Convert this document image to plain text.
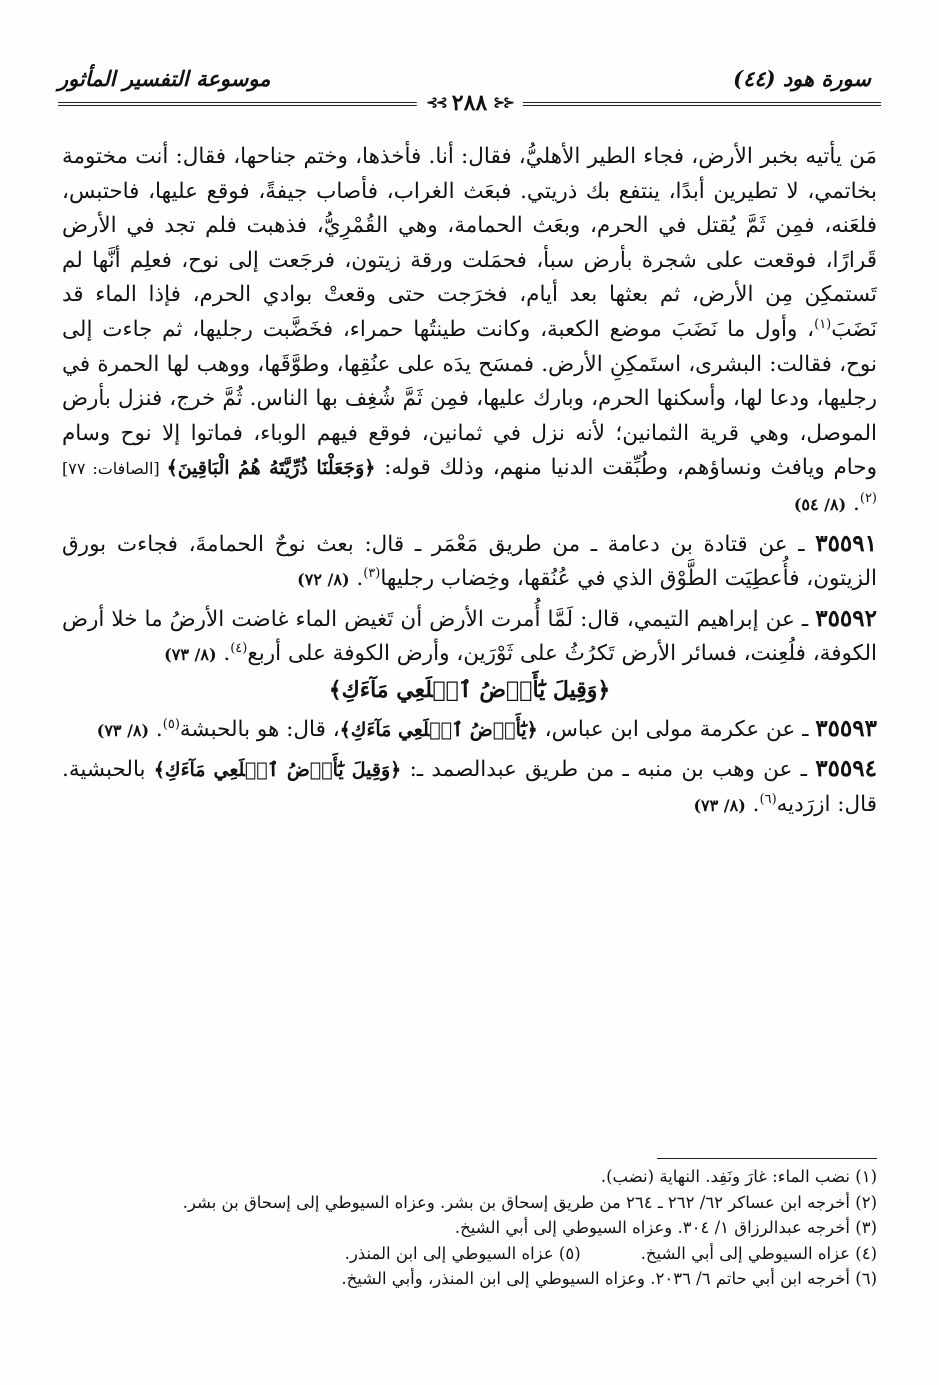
سورة هود (٤٤)
موسوعة التفسير المأثور
⊰⊰
٢٨٨
⊱⊱

مَن يأتيه بخبر الأرض، فجاء الطير الأهليُّ، فقال: أنا. فأخذها، وختم جناحها، فقال: أنت مختومة بخاتمي، لا تطيرين أبدًا، ينتفع بك ذريتي. فبعَث الغراب، فأصاب جيفةً، فوقع عليها، فاحتبس، فلعَنه، فمِن ثَمَّ يُقتل في الحرم، وبعَث الحمامة، وهي القُمْرِيُّ، فذهبت فلم تجد في الأرض قَرارًا، فوقعت على شجرة بأرض سبأ، فحمَلت ورقة زيتون، فرجَعت إلى نوح، فعلِم أنَّها لم تَستمكِن مِن الأرض، ثم بعثها بعد أيام، فخرَجت حتى وقعتْ بوادي الحرم، فإذا الماء قد نَضَبَ$^{(١)}$، وأول ما نَضَبَ موضع الكعبة، وكانت طينتُها حمراء، فخَضَّبت رجليها، ثم جاءت إلى نوح، فقالت: البشرى، استَمكِنِ الأرض. فمسَح يدَه على عنُقِها، وطوَّقَها، ووهب لها الحمرة في رجليها، ودعا لها، وأسكنها الحرم، وبارك عليها، فمِن ثَمَّ شُغِف بها الناس. ثُمَّ خرج، فنزل بأرض الموصل، وهي قرية الثمانين؛ لأنه نزل في ثمانين، فوقع فيهم الوباء، فماتوا إلا نوح وسام وحام ويافث ونساؤهم، وطُبِّقت الدنيا منهم، وذلك قوله: ﴿وَجَعَلْنَا ذُرِّيَّتَهُ هُمُ الْبَاقِينَ﴾ [الصافات: ٧٧]$^{(٢)}$. (٨/ ٥٤)

٣٥٥٩١ ـ عن قتادة بن دعامة ـ من طريق مَعْمَر ـ قال: بعث نوحٌ الحمامةَ، فجاءت بورق الزيتون، فأُعطِيَت الطَّوْق الذي في عُنُقها، وخِضاب رجليها$^{(٣)}$. (٨/ ٧٢)

٣٥٥٩٢ ـ عن إبراهيم التيمي، قال: لَمَّا أُمرت الأرض أن تَغيض الماء غاضت الأرضُ ما خلا أرض الكوفة، فلُعِنت، فسائر الأرض تَكرُثُ على ثَوْرَين، وأرض الكوفة على أربع$^{(٤)}$. (٨/ ٧٣)

﴿وَقِيلَ يَٰٓأَرۡضُ ٱبۡلَعِي مَآءَكِ﴾

٣٥٥٩٣ ـ عن عكرمة مولى ابن عباس، ﴿يَٰٓأَرۡضُ ٱبۡلَعِي مَآءَكِ﴾، قال: هو بالحبشة$^{(٥)}$. (٨/ ٧٣)

٣٥٥٩٤ ـ عن وهب بن منبه ـ من طريق عبدالصمد ـ: ﴿وَقِيلَ يَٰٓأَرۡضُ ٱبۡلَعِي مَآءَكِ﴾ بالحبشية. قال: ازرَديه$^{(٦)}$. (٨/ ٧٣)

(١) نضب الماء: غارَ ونَفِد. النهاية (نضب).

(٢) أخرجه ابن عساكر ٦٢/ ٢٦٢ ـ ٢٦٤ من طريق إسحاق بن بشر. وعزاه السيوطي إلى إسحاق بن بشر.

(٣) أخرجه عبدالرزاق ١/ ٣٠٤. وعزاه السيوطي إلى أبي الشيخ.

(٤) عزاه السيوطي إلى أبي الشيخ.
(٥) عزاه السيوطي إلى ابن المنذر.

(٦) أخرجه ابن أبي حاتم ٦/ ٢٠٣٦. وعزاه السيوطي إلى ابن المنذر، وأبي الشيخ.
